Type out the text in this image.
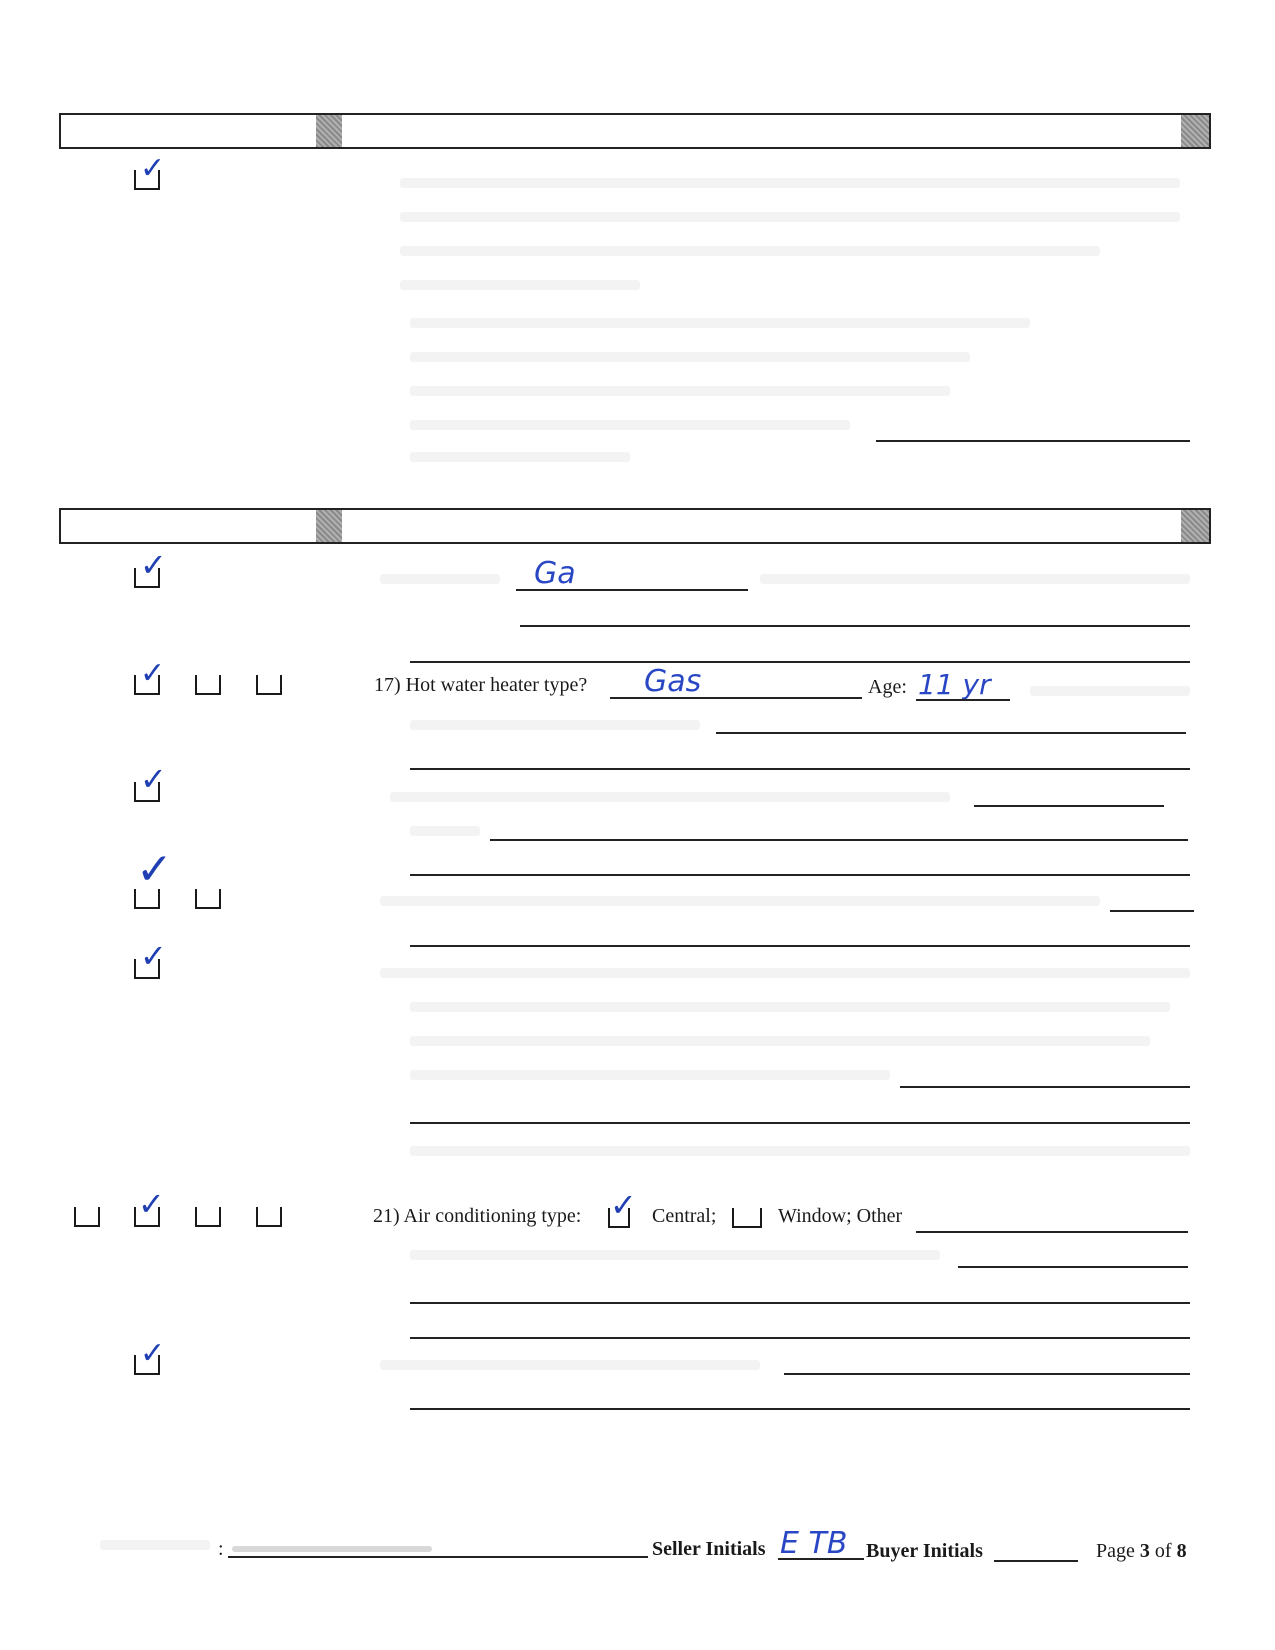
✓
✓	Ga
✓	17) Hot water heater type? Gas	Age: 11 yr
✓
✓
✓
✓	21) Air conditioning type: ✓ Central;	Window; Other
✓
:	Seller Initials E TB Buyer Initials	Page 3 of 8
